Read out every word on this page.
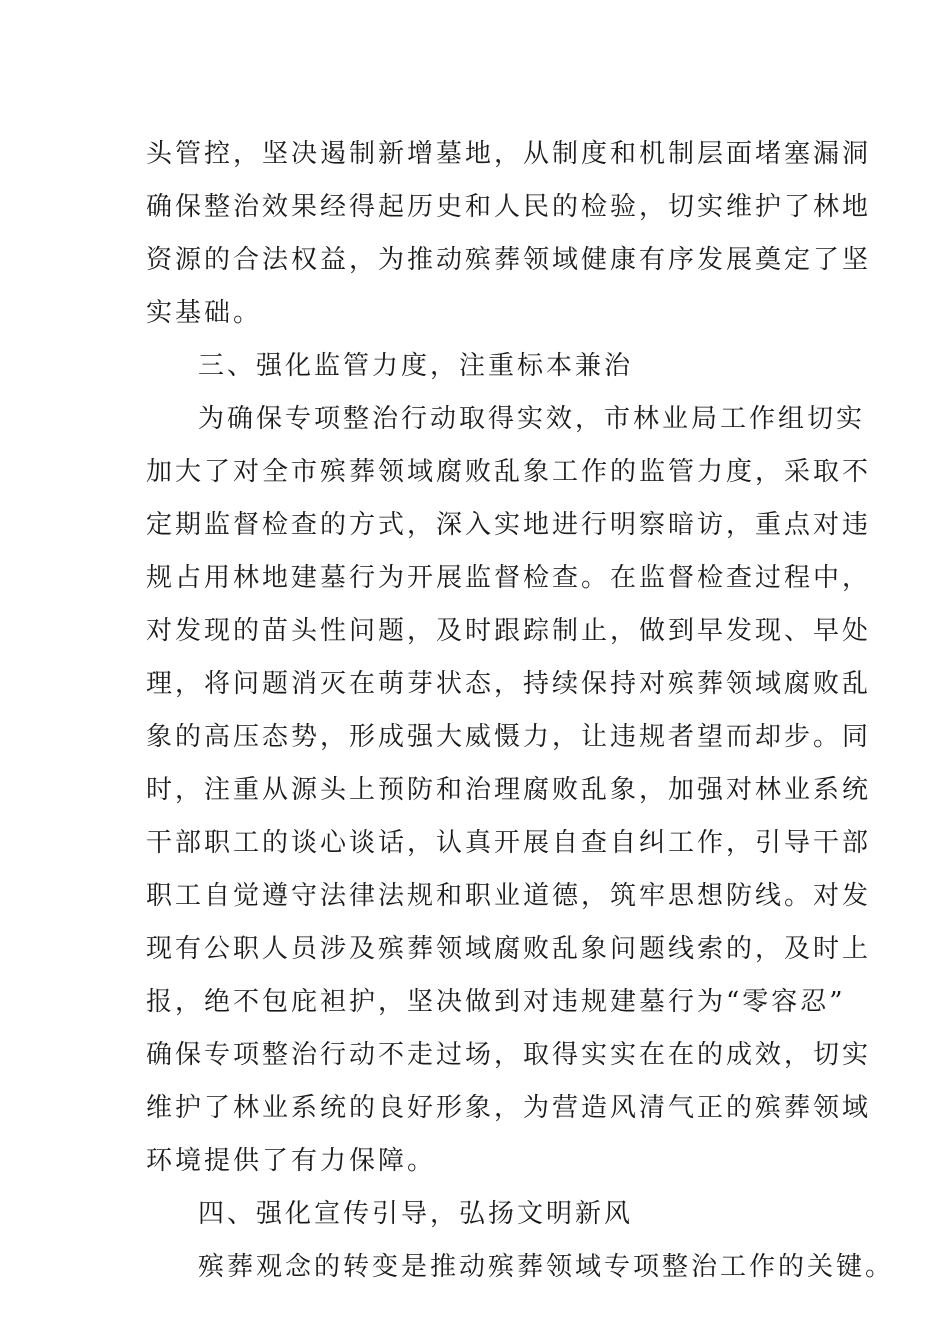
头管控，坚决遏制新增墓地，从制度和机制层面堵塞漏洞
确保整治效果经得起历史和人民的检验，切实维护了林地
资源的合法权益，为推动殡葬领域健康有序发展奠定了坚
实基础。
三、强化监管力度，注重标本兼治
为确保专项整治行动取得实效，市林业局工作组切实
加大了对全市殡葬领域腐败乱象工作的监管力度，采取不
定期监督检查的方式，深入实地进行明察暗访，重点对违
规占用林地建墓行为开展监督检查。在监督检查过程中，
对发现的苗头性问题，及时跟踪制止，做到早发现、早处
理，将问题消灭在萌芽状态，持续保持对殡葬领域腐败乱
象的高压态势，形成强大威慑力，让违规者望而却步。同
时，注重从源头上预防和治理腐败乱象，加强对林业系统
干部职工的谈心谈话，认真开展自查自纠工作，引导干部
职工自觉遵守法律法规和职业道德，筑牢思想防线。对发
现有公职人员涉及殡葬领域腐败乱象问题线索的，及时上
报，绝不包庇袒护，坚决做到对违规建墓行为“零容忍”
确保专项整治行动不走过场，取得实实在在的成效，切实
维护了林业系统的良好形象，为营造风清气正的殡葬领域
环境提供了有力保障。
四、强化宣传引导，弘扬文明新风
殡葬观念的转变是推动殡葬领域专项整治工作的关键。
